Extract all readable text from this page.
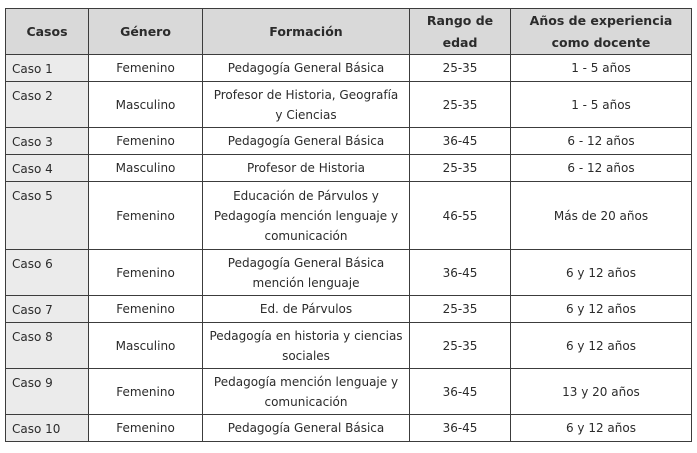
Casos	Género	Formación	Rango de edad	Años de experiencia como docente
Caso 1	Femenino	Pedagogía General Básica	25-35	1 - 5 años
Caso 2	Masculino	Profesor de Historia, Geografía y Ciencias	25-35	1 - 5 años
Caso 3	Femenino	Pedagogía General Básica	36-45	6 - 12 años
Caso 4	Masculino	Profesor de Historia	25-35	6 - 12 años
Caso 5	Femenino	Educación de Párvulos y Pedagogía mención lenguaje y comunicación	46-55	Más de 20 años
Caso 6	Femenino	Pedagogía General Básica mención lenguaje	36-45	6 y 12 años
Caso 7	Femenino	Ed. de Párvulos	25-35	6 y 12 años
Caso 8	Masculino	Pedagogía en historia y ciencias sociales	25-35	6 y 12 años
Caso 9	Femenino	Pedagogía mención lenguaje y comunicación	36-45	13 y 20 años
Caso 10	Femenino	Pedagogía General Básica	36-45	6 y 12 años
